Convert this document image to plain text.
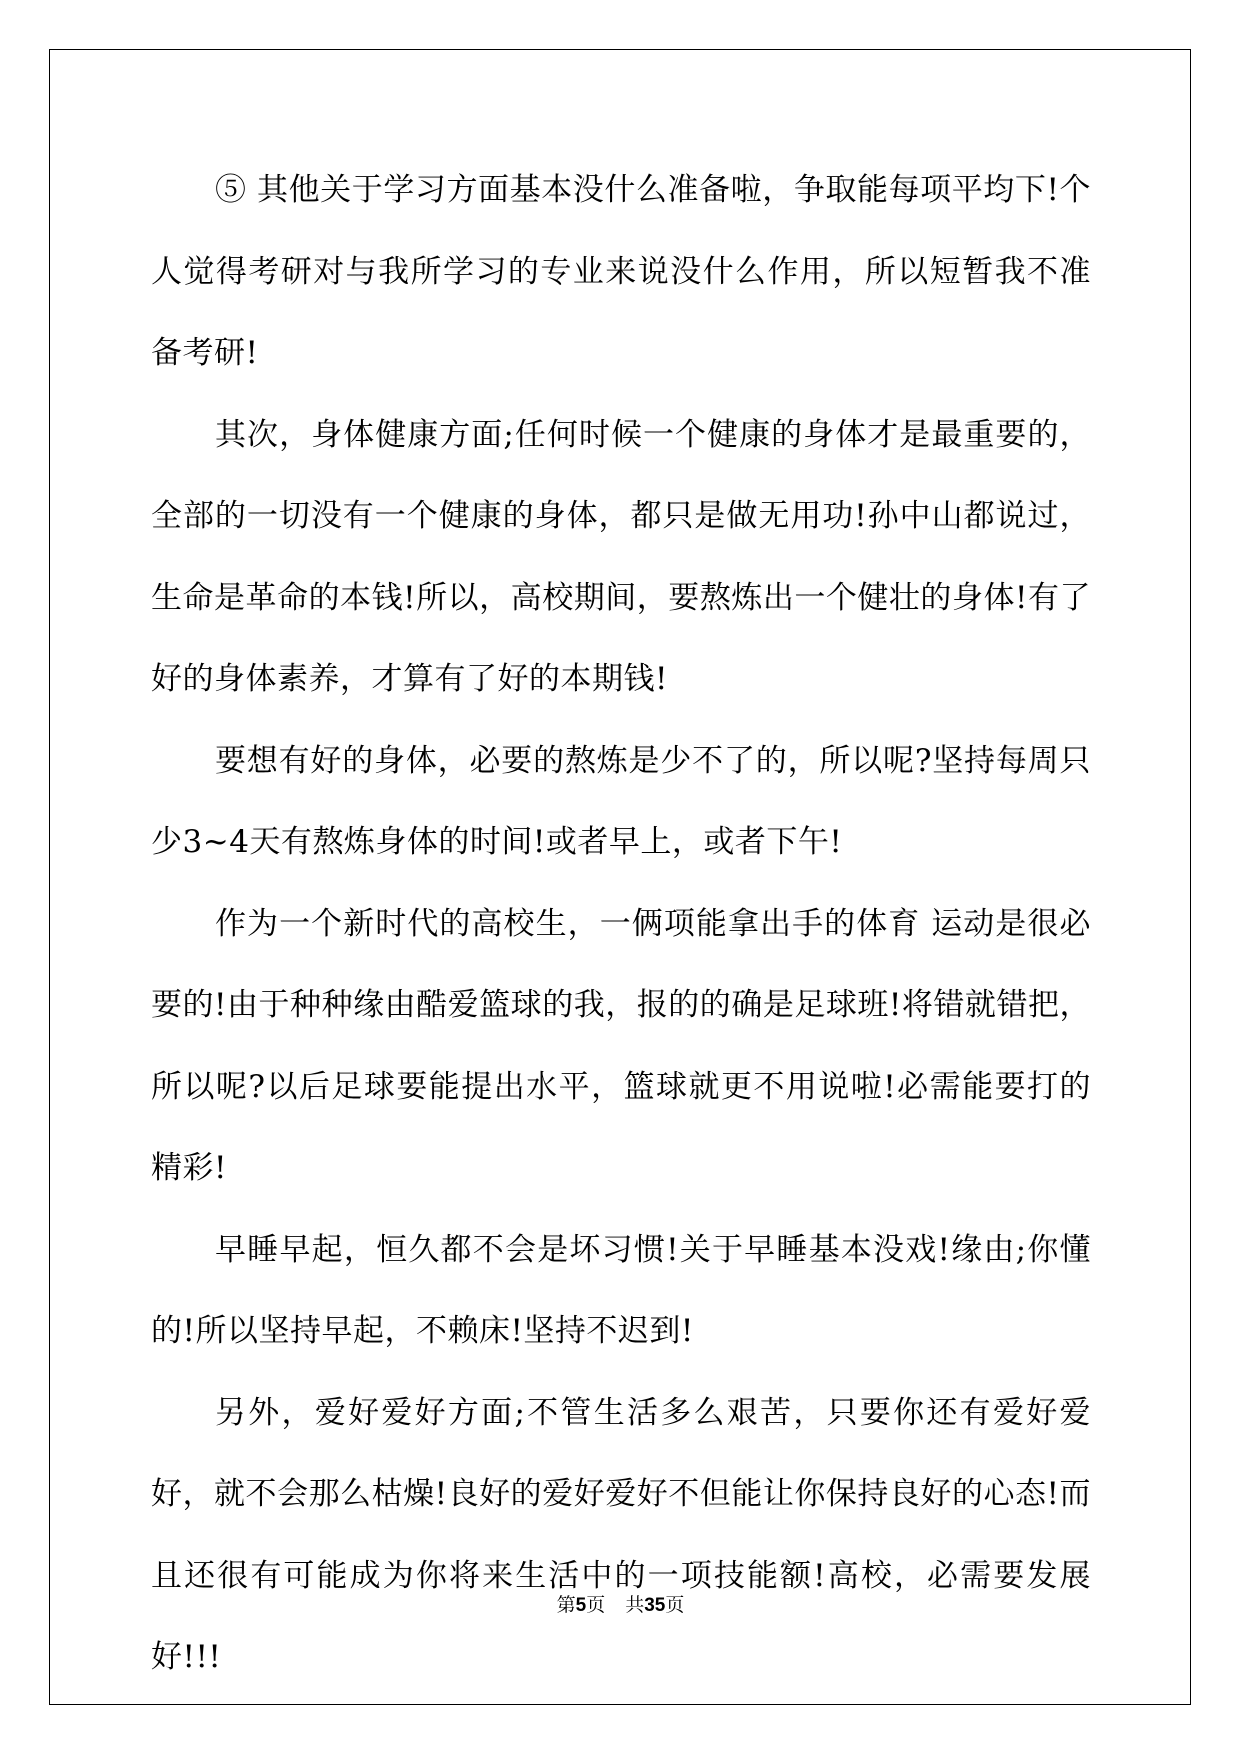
⑤ 其他关于学习方面基本没什么准备啦，争取能每项平均下!个人觉得考研对与我所学习的专业来说没什么作用，所以短暂我不准备考研!

其次，身体健康方面;任何时候一个健康的身体才是最重要的，全部的一切没有一个健康的身体，都只是做无用功!孙中山都说过，生命是革命的本钱!所以，高校期间，要熬炼出一个健壮的身体!有了好的身体素养，才算有了好的本期钱!

要想有好的身体，必要的熬炼是少不了的，所以呢?坚持每周只少3~4天有熬炼身体的时间!或者早上，或者下午!

作为一个新时代的高校生，一俩项能拿出手的体育 运动是很必要的!由于种种缘由酷爱篮球的我，报的的确是足球班!将错就错把，所以呢?以后足球要能提出水平，篮球就更不用说啦!必需能要打的精彩!

早睡早起，恒久都不会是坏习惯!关于早睡基本没戏!缘由;你懂的!所以坚持早起，不赖床!坚持不迟到!

另外，爱好爱好方面;不管生活多么艰苦，只要你还有爱好爱好，就不会那么枯燥!良好的爱好爱好不但能让你保持良好的心态!而且还很有可能成为你将来生活中的一项技能额!高校，必需要发展好!!!

第5页 共35页
